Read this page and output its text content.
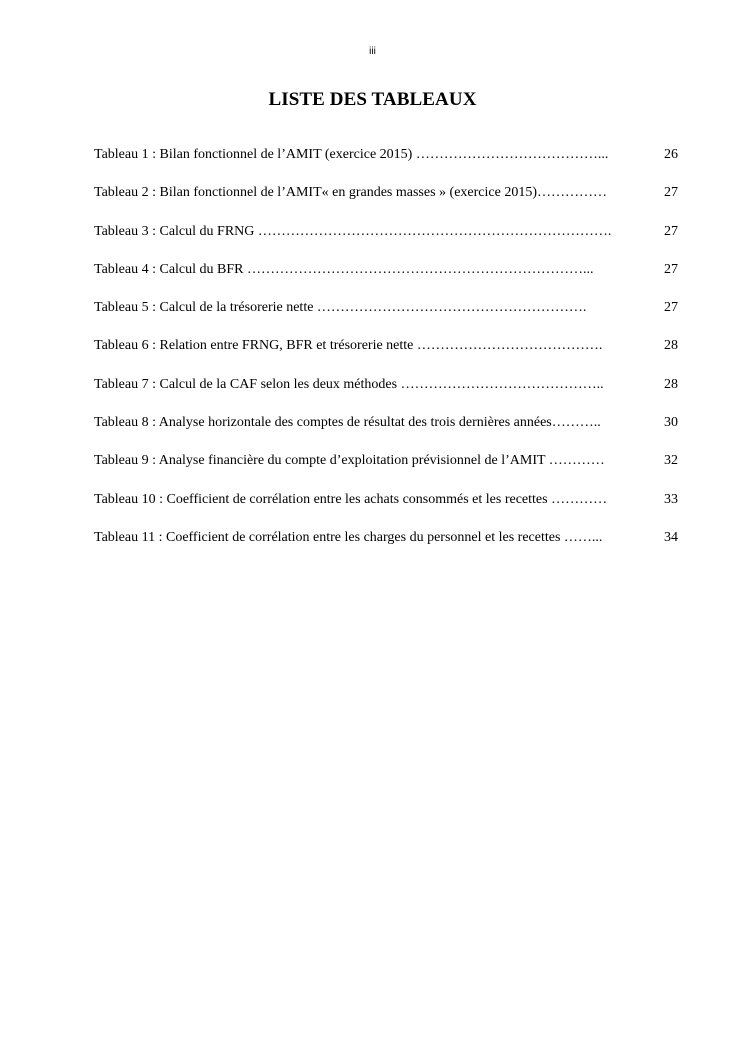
iii
LISTE DES TABLEAUX
Tableau 1 : Bilan fonctionnel de l’AMIT (exercice 2015) …………………………………...	26
Tableau 2 : Bilan fonctionnel de l’AMIT« en grandes masses » (exercice 2015)……………	27
Tableau 3 : Calcul du FRNG ………………………………………………………………….	27
Tableau 4 : Calcul du BFR ………………………………………………………………...	27
Tableau 5 : Calcul de la trésorerie nette ………………………………………………….	27
Tableau 6 : Relation entre FRNG, BFR et trésorerie nette ………………………………….	28
Tableau 7 : Calcul de la CAF selon les deux méthodes ……………………………………..	28
Tableau 8 : Analyse horizontale des comptes de résultat des trois dernières années………..	30
Tableau 9 : Analyse financière du compte d’exploitation prévisionnel de l’AMIT …………	32
Tableau 10 : Coefficient de corrélation entre les achats consommés et les recettes …………	33
Tableau 11 : Coefficient de corrélation entre les charges du personnel et les recettes ……...	34
